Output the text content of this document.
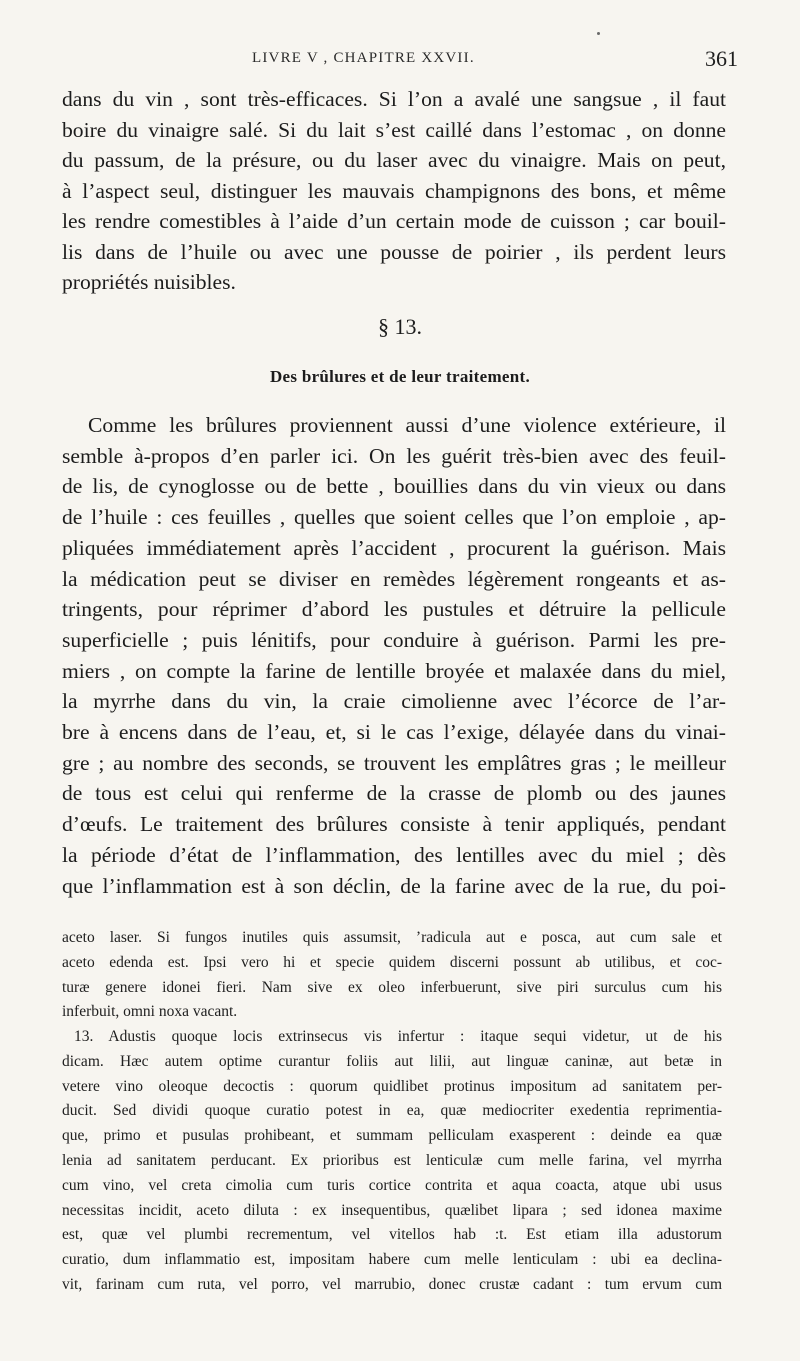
LIVRE V , CHAPITRE XXVII.	361
dans du vin , sont très-efficaces. Si l’on a avalé une sangsue , il faut
boire du vinaigre salé. Si du lait s’est caillé dans l’estomac , on donne
du passum, de la présure, ou du laser avec du vinaigre. Mais on peut,
à l’aspect seul, distinguer les mauvais champignons des bons, et même
les rendre comestibles à l’aide d’un certain mode de cuisson ; car bouil-
lis dans de l’huile ou avec une pousse de poirier , ils perdent leurs
propriétés nuisibles.
§ 13.
Des brûlures et de leur traitement.
Comme les brûlures proviennent aussi d’une violence extérieure, il
semble à-propos d’en parler ici. On les guérit très-bien avec des feuil-
de lis, de cynoglosse ou de bette , bouillies dans du vin vieux ou dans
de l’huile : ces feuilles , quelles que soient celles que l’on emploie , ap-
pliquées immédiatement après l’accident , procurent la guérison. Mais
la médication peut se diviser en remèdes légèrement rongeants et as-
tringents, pour réprimer d’abord les pustules et détruire la pellicule
superficielle ; puis lénitifs, pour conduire à guérison. Parmi les pre-
miers , on compte la farine de lentille broyée et malaxée dans du miel,
la myrrhe dans du vin, la craie cimolienne avec l’écorce de l’ar-
bre à encens dans de l’eau, et, si le cas l’exige, délayée dans du vinai-
gre ; au nombre des seconds, se trouvent les emplâtres gras ; le meilleur
de tous est celui qui renferme de la crasse de plomb ou des jaunes
d’œufs. Le traitement des brûlures consiste à tenir appliqués, pendant
la période d’état de l’inflammation, des lentilles avec du miel ; dès
que l’inflammation est à son déclin, de la farine avec de la rue, du poi-
aceto laser. Si fungos inutiles quis assumsit, ’radicula aut e posca, aut cum sale et
aceto edenda est. Ipsi vero hi et specie quidem discerni possunt ab utilibus, et coc-
turæ genere idonei fieri. Nam sive ex oleo inferbuerunt, sive piri surculus cum his
inferbuit, omni noxa vacant.
13. Adustis quoque locis extrinsecus vis infertur : itaque sequi videtur, ut de his
dicam. Hæc autem optime curantur foliis aut lilii, aut linguæ caninæ, aut betæ in
vetere vino oleoque decoctis : quorum quidlibet protinus impositum ad sanitatem per-
ducit. Sed dividi quoque curatio potest in ea, quæ mediocriter exedentia reprimentia-
que, primo et pusulas prohibeant, et summam pelliculam exasperent : deinde ea quæ
lenia ad sanitatem perducant. Ex prioribus est lenticulæ cum melle farina, vel myrrha
cum vino, vel creta cimolia cum turis cortice contrita et aqua coacta, atque ubi usus
necessitas incidit, aceto diluta : ex insequentibus, quælibet lipara ; sed idonea maxime
est, quæ vel plumbi recrementum, vel vitellos hab :t. Est etiam illa adustorum
curatio, dum inflammatio est, impositam habere cum melle lenticulam : ubi ea declina-
vit, farinam cum ruta, vel porro, vel marrubio, donec crustæ cadant : tum ervum cum
